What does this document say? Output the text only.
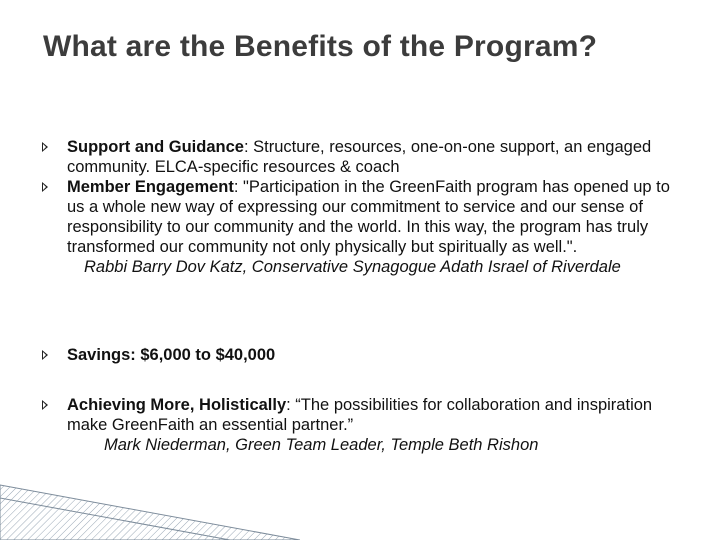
What are the Benefits of the Program?
Support and Guidance: Structure, resources, one-on-one support, an engaged community. ELCA-specific resources & coach
Member Engagement: "Participation in the GreenFaith program has opened up to us a whole new way of expressing our commitment to service and our sense of responsibility to our community and the world. In this way, the program has truly transformed our community not only physically but spiritually as well.".
Rabbi Barry Dov Katz, Conservative Synagogue Adath Israel of Riverdale
Savings: $6,000 to $40,000
Achieving More, Holistically: “The possibilities for collaboration and inspiration make GreenFaith an essential partner.”
Mark Niederman, Green Team Leader, Temple Beth Rishon
